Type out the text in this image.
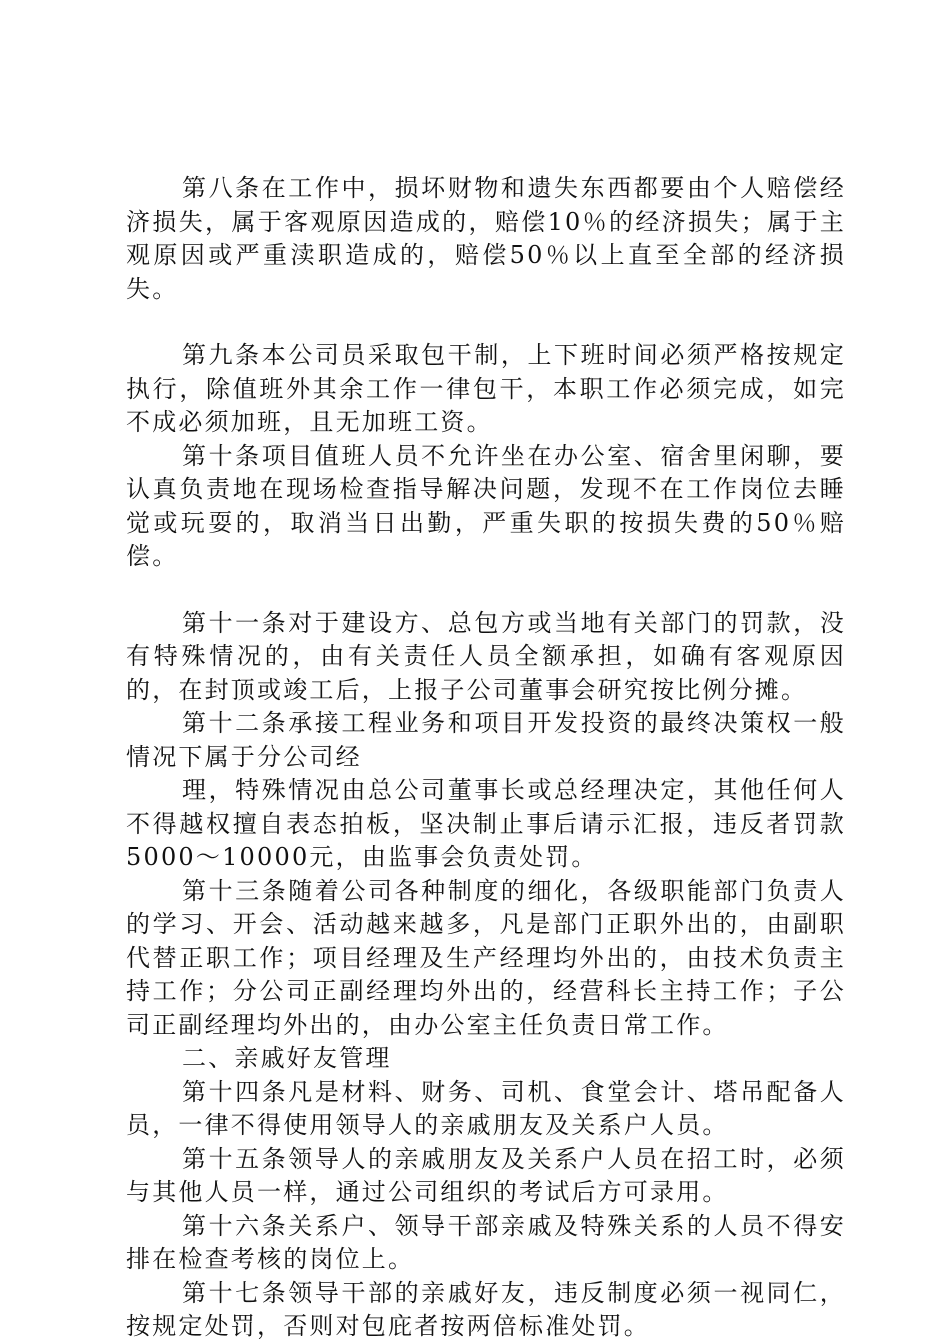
第八条在工作中，损坏财物和遗失东西都要由个人赔偿经济损失，属于客观原因造成的，赔偿10％的经济损失；属于主观原因或严重渎职造成的，赔偿50％以上直至全部的经济损失。

第九条本公司员采取包干制，上下班时间必须严格按规定执行，除值班外其余工作一律包干，本职工作必须完成，如完不成必须加班，且无加班工资。

第十条项目值班人员不允许坐在办公室、宿舍里闲聊，要认真负责地在现场检查指导解决问题，发现不在工作岗位去睡觉或玩耍的，取消当日出勤，严重失职的按损失费的50％赔偿。

第十一条对于建设方、总包方或当地有关部门的罚款，没有特殊情况的，由有关责任人员全额承担，如确有客观原因的，在封顶或竣工后，上报子公司董事会研究按比例分摊。

第十二条承接工程业务和项目开发投资的最终决策权一般情况下属于分公司经

理，特殊情况由总公司董事长或总经理决定，其他任何人不得越权擅自表态拍板，坚决制止事后请示汇报，违反者罚款5000～10000元，由监事会负责处罚。

第十三条随着公司各种制度的细化，各级职能部门负责人的学习、开会、活动越来越多，凡是部门正职外出的，由副职代替正职工作；项目经理及生产经理均外出的，由技术负责主持工作；分公司正副经理均外出的，经营科长主持工作；子公司正副经理均外出的，由办公室主任负责日常工作。

二、亲戚好友管理

第十四条凡是材料、财务、司机、食堂会计、塔吊配备人员，一律不得使用领导人的亲戚朋友及关系户人员。

第十五条领导人的亲戚朋友及关系户人员在招工时，必须与其他人员一样，通过公司组织的考试后方可录用。

第十六条关系户、领导干部亲戚及特殊关系的人员不得安排在检查考核的岗位上。

第十七条领导干部的亲戚好友，违反制度必须一视同仁，按规定处罚，否则对包庇者按两倍标准处罚。
